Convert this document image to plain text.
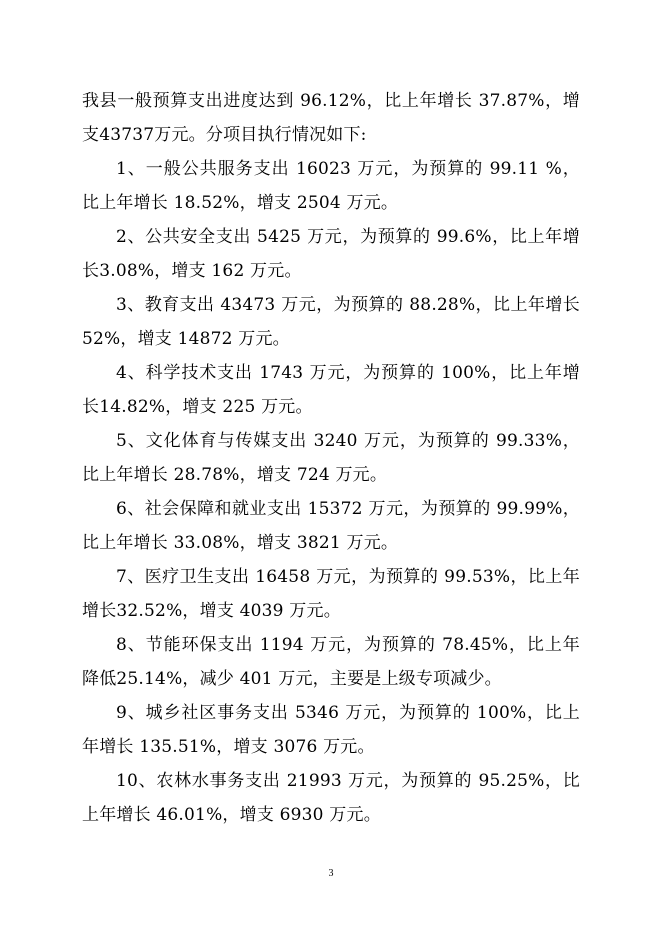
我县一般预算支出进度达到 96.12%，比上年增长 37.87%，增支43737万元。分项目执行情况如下:

1、一般公共服务支出 16023 万元，为预算的 99.11 %，比上年增长 18.52%，增支 2504 万元。

2、公共安全支出 5425 万元，为预算的 99.6%，比上年增长3.08%，增支 162 万元。

3、教育支出 43473 万元，为预算的 88.28%，比上年增长 52%，增支 14872 万元。

4、科学技术支出 1743 万元，为预算的 100%，比上年增长14.82%，增支 225 万元。

5、文化体育与传媒支出 3240 万元，为预算的 99.33%，比上年增长 28.78%，增支 724 万元。

6、社会保障和就业支出 15372 万元，为预算的 99.99%，比上年增长 33.08%，增支 3821 万元。

7、医疗卫生支出 16458 万元，为预算的 99.53%，比上年增长32.52%，增支 4039 万元。

8、节能环保支出 1194 万元，为预算的 78.45%，比上年降低25.14%，减少 401 万元，主要是上级专项减少。

9、城乡社区事务支出 5346 万元，为预算的 100%，比上年增长 135.51%，增支 3076 万元。

10、农林水事务支出 21993 万元，为预算的 95.25%，比上年增长 46.01%，增支 6930 万元。

3
